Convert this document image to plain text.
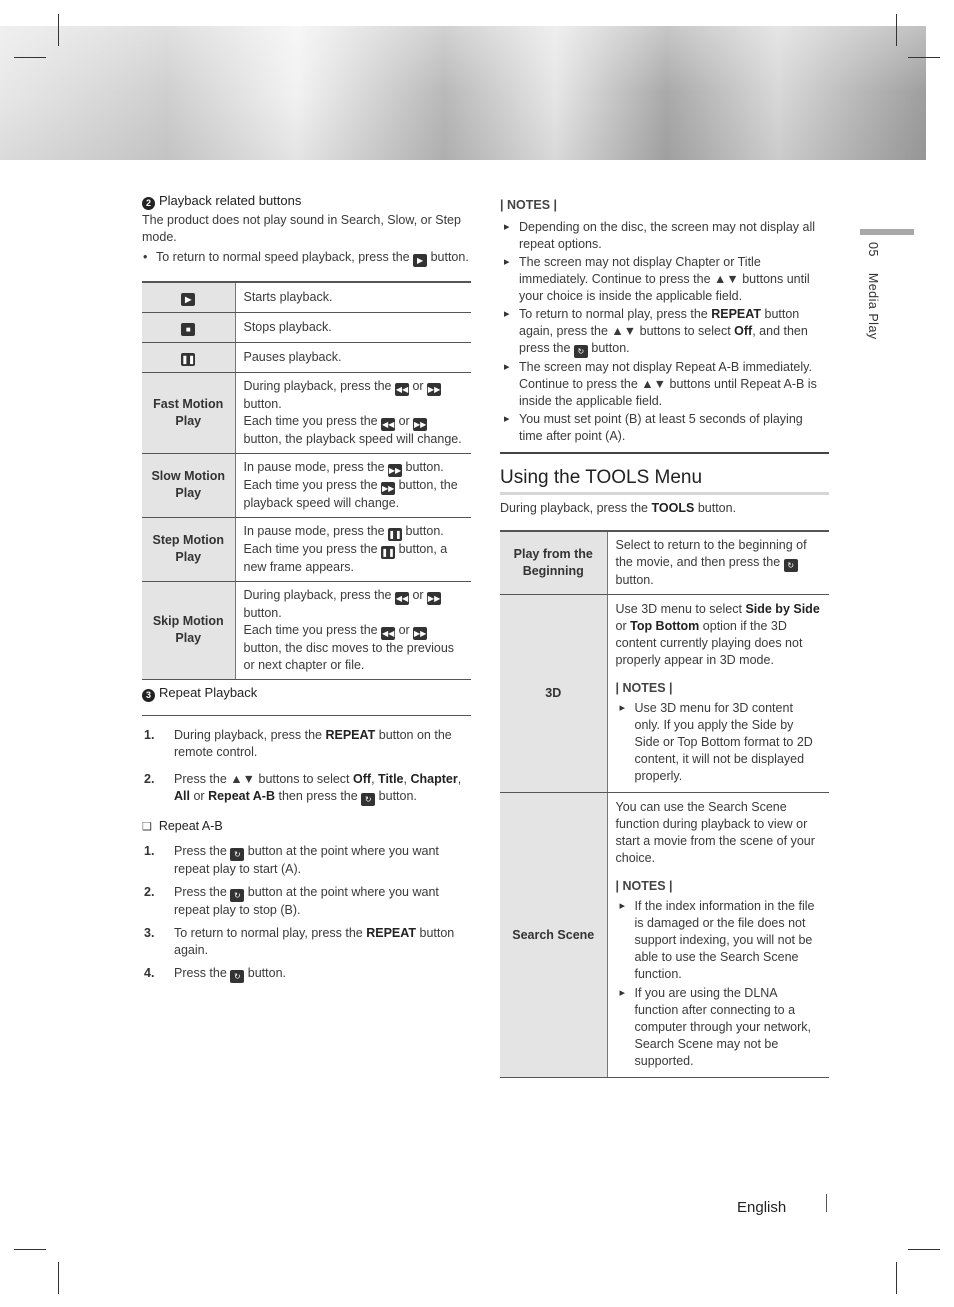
2 Playback related buttons

The product does not play sound in Search, Slow, or Step mode.

• To return to normal speed playback, press the ▶ button.
▶	Starts playback.
■	Stops playback.
❚❚	Pauses playback.
Fast Motion Play	During playback, press the ◀◀ or ▶▶ button.
Each time you press the ◀◀ or ▶▶ button, the playback speed will change.
Slow Motion Play	In pause mode, press the ▶▶ button.
Each time you press the ▶▶ button, the playback speed will change.
Step Motion Play	In pause mode, press the ❚❚ button.
Each time you press the ❚❚ button, a new frame appears.
Skip Motion Play	During playback, press the ◀◀ or ▶▶ button.
Each time you press the ◀◀ or ▶▶ button, the disc moves to the previous or next chapter or file.
3 Repeat Playback
1. During playback, press the REPEAT button on the remote control.
2. Press the ▲▼ buttons to select Off, Title, Chapter, All or Repeat A-B then press the ↻ button.
❑ Repeat A-B
1. Press the ↻ button at the point where you want repeat play to start (A).
2. Press the ↻ button at the point where you want repeat play to stop (B).
3. To return to normal play, press the REPEAT button again.
4. Press the ↻ button.
| NOTES |
▸ Depending on the disc, the screen may not display all repeat options.
▸ The screen may not display Chapter or Title immediately. Continue to press the ▲▼ buttons until your choice is inside the applicable field.
▸ To return to normal play, press the REPEAT button again, press the ▲▼ buttons to select Off, and then press the ↻ button.
▸ The screen may not display Repeat A-B immediately. Continue to press the ▲▼ buttons until Repeat A-B is inside the applicable field.
▸ You must set point (B) at least 5 seconds of playing time after point (A).
Using the TOOLS Menu

During playback, press the TOOLS button.

Play from the Beginning	Select to return to the beginning of the movie, and then press the ↻ button.
3D	Use 3D menu to select Side by Side or Top Bottom option if the 3D content currently playing does not properly appear in 3D mode.
| NOTES |
▸ Use 3D menu for 3D content only. If you apply the Side by Side or Top Bottom format to 2D content, it will not be displayed properly.

Search Scene	You can use the Search Scene function during playback to view or start a movie from the scene of your choice.
| NOTES |
▸ If the index information in the file is damaged or the file does not support indexing, you will not be able to use the Search Scene function.
▸ If you are using the DLNA function after connecting to a computer through your network, Search Scene may not be supported.
05    Media Play
English
